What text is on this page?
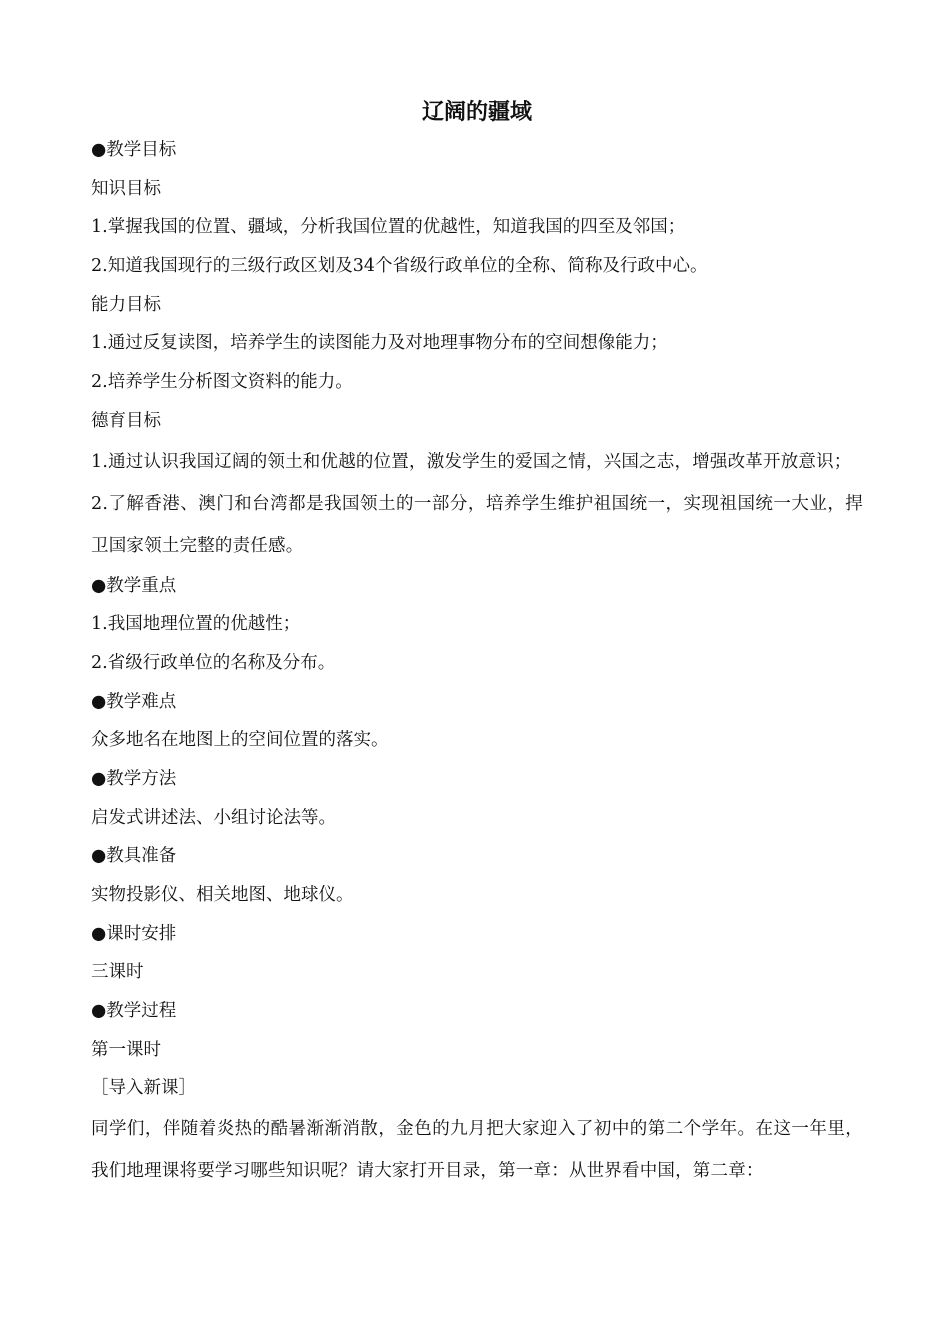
辽阔的疆域
●教学目标
知识目标
1.掌握我国的位置、疆域，分析我国位置的优越性，知道我国的四至及邻国；
2.知道我国现行的三级行政区划及34个省级行政单位的全称、简称及行政中心。
能力目标
1.通过反复读图，培养学生的读图能力及对地理事物分布的空间想像能力；
2.培养学生分析图文资料的能力。
德育目标

1.通过认识我国辽阔的领土和优越的位置，激发学生的爱国之情，兴国之志，增强改革开放意识；

2.了解香港、澳门和台湾都是我国领土的一部分，培养学生维护祖国统一，实现祖国统一大业，捍卫国家领土完整的责任感。

●教学重点
1.我国地理位置的优越性；
2.省级行政单位的名称及分布。
●教学难点
众多地名在地图上的空间位置的落实。
●教学方法
启发式讲述法、小组讨论法等。
●教具准备
实物投影仪、相关地图、地球仪。
●课时安排
三课时
●教学过程
第一课时
［导入新课］

同学们，伴随着炎热的酷暑渐渐消散，金色的九月把大家迎入了初中的第二个学年。在这一年里，我们地理课将要学习哪些知识呢？请大家打开目录，第一章：从世界看中国，第二章：
